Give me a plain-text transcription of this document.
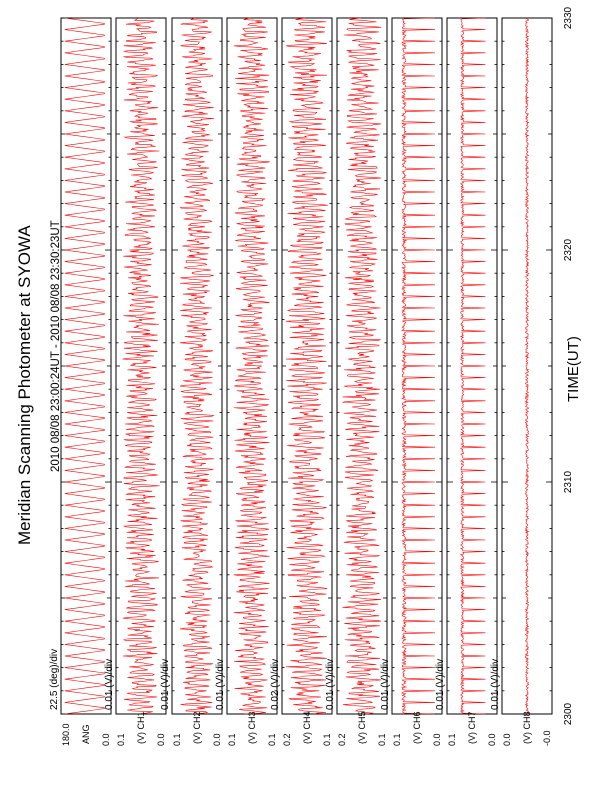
Meridian Scanning Photometer at SYOWA 2010 08/08 23:00:24UT - 2010 08/08 23:30:23UT	TIME(UT)
180.0	0.0
ANG
22.5 (deg)/div
0.1	0.0
(V) CH1
0.01 (V)/div
0.1	0.0
(V) CH2
0.01 (V)/div
0.1	0.1
(V) CH3
0.01 (V)/div
0.2	0.1
(V) CH4
0.02 (V)/div
0.2	0.1
(V) CH5
0.01 (V)/div
0.1	0.0
(V) CH6
0.01 (V)/div
0.1	0.0
(V) CH7
0.01 (V)/div
0.0	-0.0
(V) CH8
0.01 (V)/div
2300
2310
2320
2330
